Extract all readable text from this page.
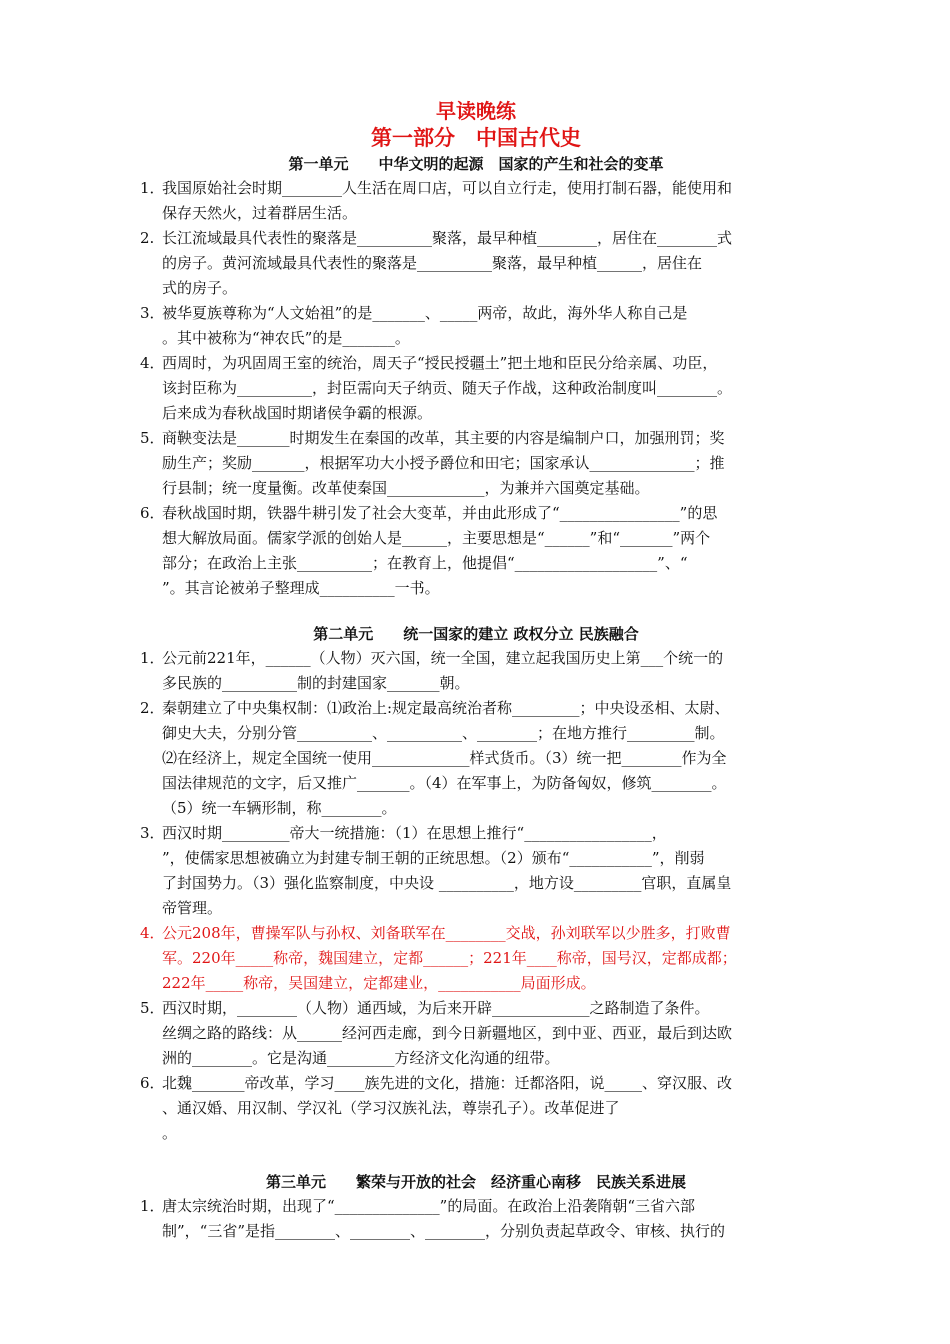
早读晚练
第一部分　中国古代史
第一单元　　中华文明的起源　国家的产生和社会的变革
1．
我国原始社会时期________人生活在周口店，可以自立行走，使用打制石器，能使用和
保存天然火，过着群居生活。
2. 长江流域最具代表性的聚落是__________聚落，最早种植________，居住在________式
的房子。黄河流域最具代表性的聚落是__________聚落，最早种植______，居住在
式的房子。
3．
被华夏族尊称为“人文始祖”的是_______、_____两帝，故此，海外华人称自己是
。其中被称为“神农氏”的是_______。
4．
西周时，为巩固周王室的统治，周天子“授民授疆土”把土地和臣民分给亲属、功臣，
该封臣称为__________，封臣需向天子纳贡、随天子作战，这种政治制度叫________。
后来成为春秋战国时期诸侯争霸的根源。
5．
商鞅变法是_______时期发生在秦国的改革，其主要的内容是编制户口，加强刑罚；奖
励生产；奖励_______，根据军功大小授予爵位和田宅；国家承认______________；推
行县制；统一度量衡。改革使秦国_____________，为兼并六国奠定基础。
6．
春秋战国时期，铁器牛耕引发了社会大变革，并由此形成了“________________”的思
想大解放局面。儒家学派的创始人是______，主要思想是“______”和“_______”两个
部分；在政治上主张__________；在教育上，他提倡“___________________”、“
”。其言论被弟子整理成__________一书。
第二单元　　统一国家的建立 政权分立 民族融合
1．
公元前221年，______（人物）灭六国，统一全国，建立起我国历史上第___个统一的
多民族的__________制的封建国家_______朝。
2．
秦朝建立了中央集权制：⑴政治上:规定最高统治者称_________；中央设丞相、太尉、
御史大夫，分别分管__________、__________、________；在地方推行_________制。
⑵在经济上，规定全国统一使用_____________样式货币。（3）统一把________作为全
国法律规范的文字，后又推广_______。（4）在军事上，为防备匈奴，修筑________。
（5）统一车辆形制，称________。
3．
西汉时期_________帝大一统措施：（1）在思想上推行“_________________，
”，使儒家思想被确立为封建专制王朝的正统思想。（2）颁布“___________”，削弱
了封国势力。（3）强化监察制度，中央设 __________，地方设_________官职，直属皇
帝管理。
4．
公元208年，曹操军队与孙权、刘备联军在________交战，孙刘联军以少胜多，打败曹
军。220年_____称帝，魏国建立，定都______；221年____称帝，国号汉，定都成都；
222年_____称帝，吴国建立，定都建业，___________局面形成。
5．
西汉时期，________（人物）通西域，为后来开辟_____________之路制造了条件。
丝绸之路的路线：从______经河西走廊，到今日新疆地区，到中亚、西亚，最后到达欧
洲的________。它是沟通_________方经济文化沟通的纽带。
6．
北魏_______帝改革，学习____族先进的文化，措施：迁都洛阳，说_____、穿汉服、改
、通汉婚、用汉制、学汉礼（学习汉族礼法，尊崇孔子）。改革促进了
。
第三单元　　繁荣与开放的社会　经济重心南移　民族关系进展
1．
唐太宗统治时期，出现了“______________”的局面。在政治上沿袭隋朝“三省六部
制”，“三省”是指________、________、________，分别负责起草政令、审核、执行的
